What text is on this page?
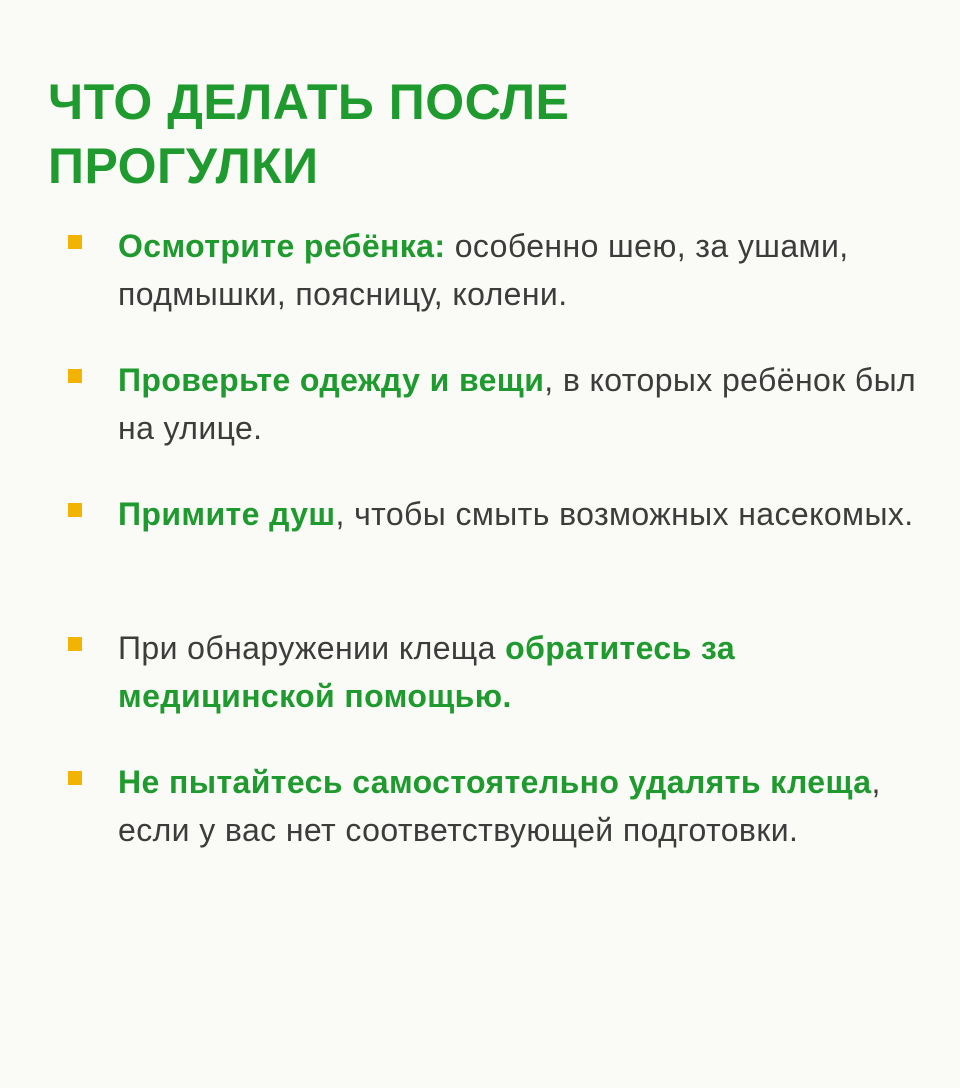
ЧТО ДЕЛАТЬ ПОСЛЕ
ПРОГУЛКИ
Осмотрите ребёнка: особенно шею, за ушами, подмышки, поясницу, колени.
Проверьте одежду и вещи, в которых ребёнок был на улице.
Примите душ, чтобы смыть возможных насекомых.
При обнаружении клеща обратитесь за медицинской помощью.
Не пытайтесь самостоятельно удалять клеща, если у вас нет соответствующей подготовки.
